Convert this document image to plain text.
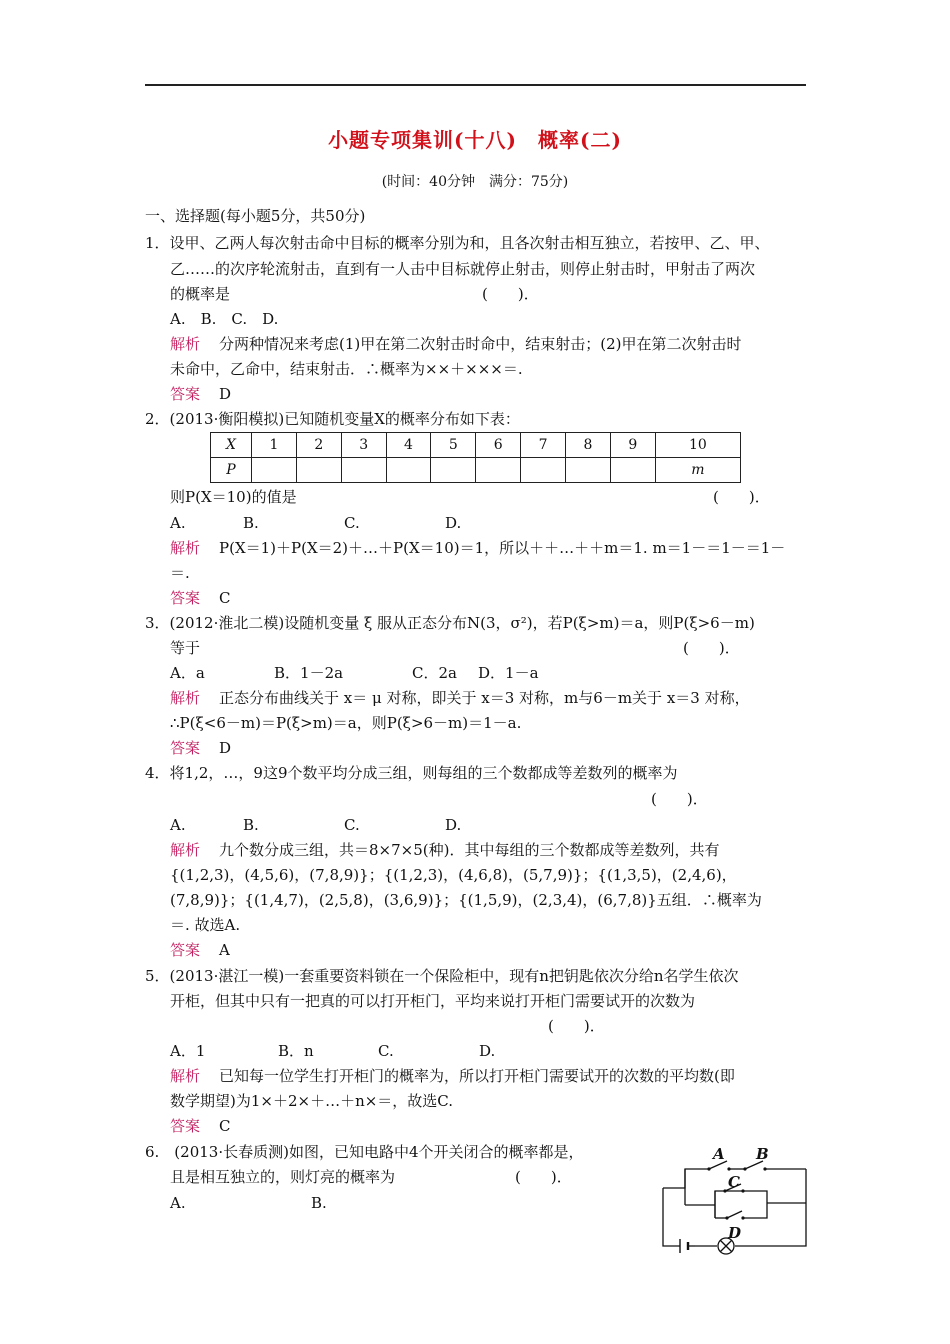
小题专项集训(十八)　概率(二)
(时间：40分钟　满分：75分)
一、选择题(每小题5分，共50分)
1．设甲、乙两人每次射击命中目标的概率分别为和，且各次射击相互独立，若按甲、乙、甲、
乙……的次序轮流射击，直到有一人击中目标就停止射击，则停止射击时，甲射击了两次
的概率是	(　　)．
A.　B.　C.　D.
解析 分两种情况来考虑(1)甲在第二次射击时命中，结束射击；(2)甲在第二次射击时
未命中，乙命中，结束射击．∴概率为××＋×××＝.
答案 D
2．(2013·衡阳模拟)已知随机变量X的概率分布如下表：
X	1	2	3	4	5	6	7	8	9	10
P										m
则P(X＝10)的值是	(　　)．
A.	B.	C.	D.
解析 P(X＝1)＋P(X＝2)＋…＋P(X＝10)＝1，所以＋＋…＋＋m＝1. m＝1－＝1－＝1－
＝.
答案 C
3．(2012·淮北二模)设随机变量 ξ 服从正态分布N(3，σ²)，若P(ξ>m)＝a，则P(ξ>6－m)
等于	(　　)．
A．a	B．1－2a	C．2a D．1－a
解析 正态分布曲线关于 x＝ μ 对称，即关于 x＝3 对称，m与6－m关于 x＝3 对称，
∴P(ξ<6－m)＝P(ξ>m)＝a，则P(ξ>6－m)＝1－a.
答案 D
4．将1,2，…，9这9个数平均分成三组，则每组的三个数都成等差数列的概率为
(　　)．
A.	B.	C.	D.
解析 九个数分成三组，共＝8×7×5(种)．其中每组的三个数都成等差数列，共有
{(1,2,3)，(4,5,6)，(7,8,9)}；{(1,2,3)，(4,6,8)，(5,7,9)}；{(1,3,5)，(2,4,6)，
(7,8,9)}；{(1,4,7)，(2,5,8)，(3,6,9)}；{(1,5,9)，(2,3,4)，(6,7,8)}五组．∴概率为
＝. 故选A.
答案 A
5．(2013·湛江一模)一套重要资料锁在一个保险柜中，现有n把钥匙依次分给n名学生依次
开柜，但其中只有一把真的可以打开柜门，平均来说打开柜门需要试开的次数为
(　　)．
A．1	B．n	C.	D.
解析 已知每一位学生打开柜门的概率为，所以打开柜门需要试开的次数的平均数(即
数学期望)为1×＋2×＋…＋n×＝，故选C.
答案 C
6.　(2013·长春质测)如图，已知电路中4个开关闭合的概率都是，
且是相互独立的，则灯亮的概率为	(　　)．
A.	B.
A B
C
D
